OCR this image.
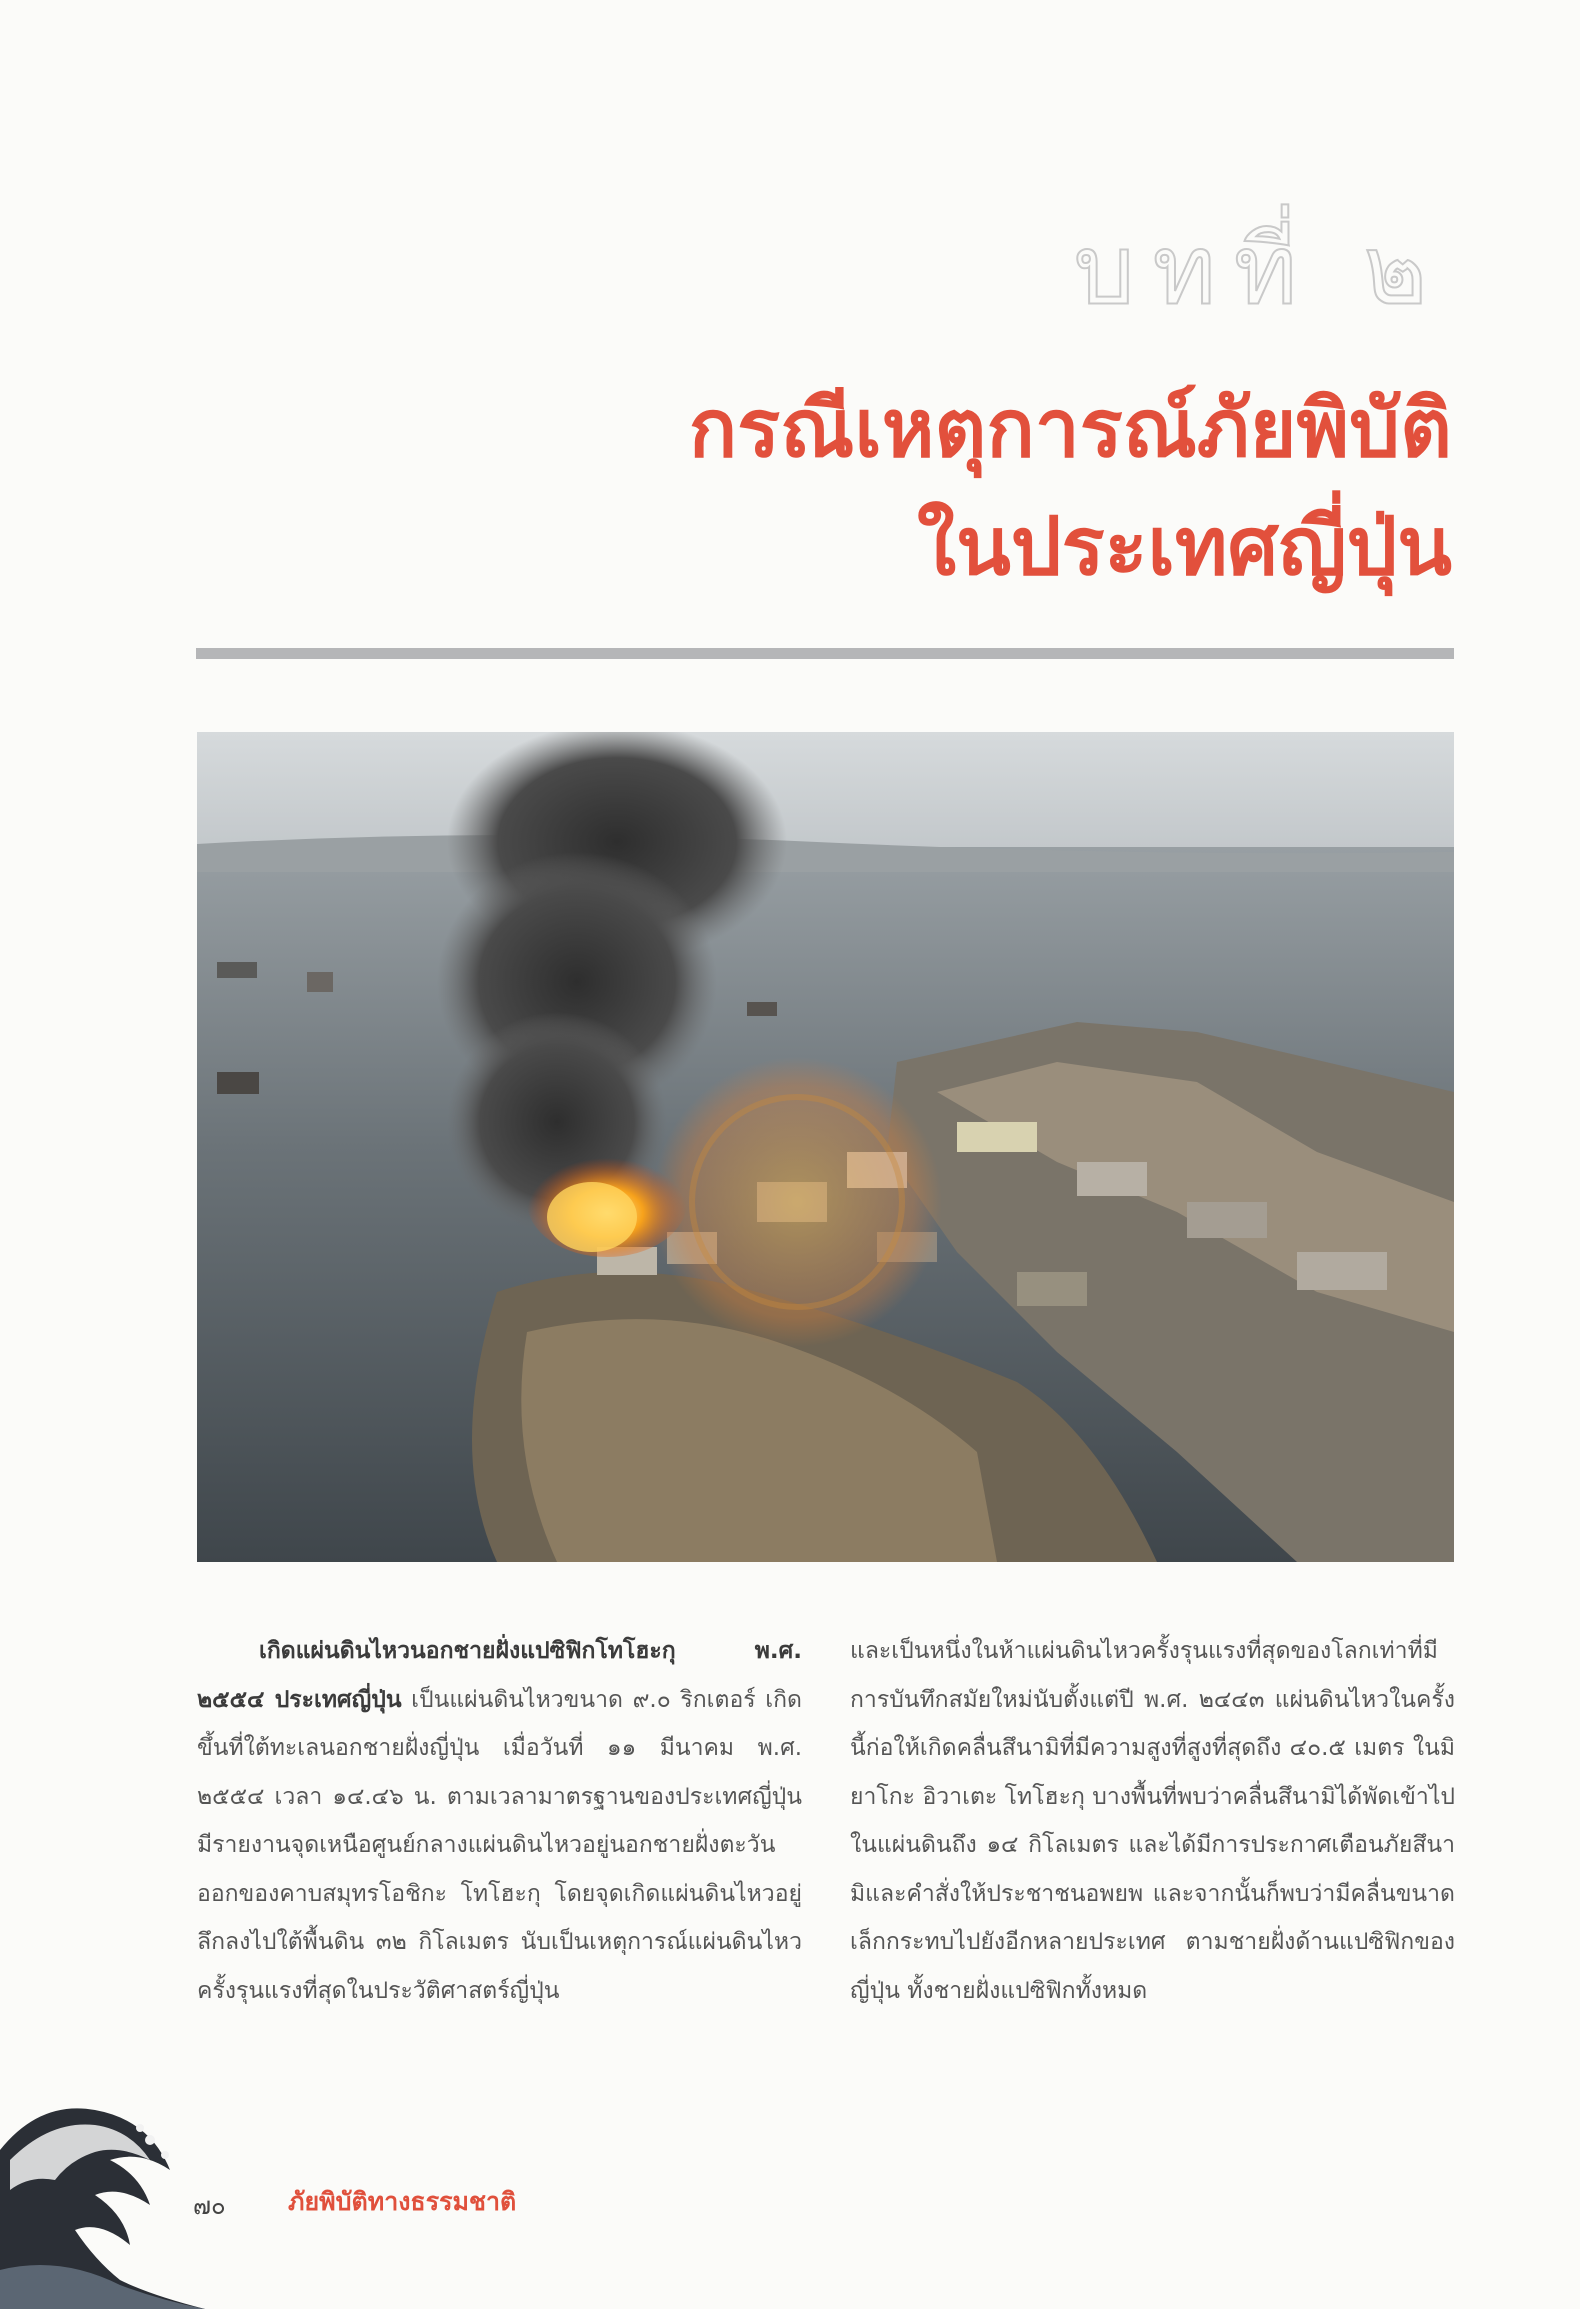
บทที่ ๒
กรณีเหตุการณ์ภัยพิบัติ
ในประเทศญี่ปุ่น

เกิดแผ่นดินไหวนอกชายฝั่งแปซิฟิกโทโฮะกุ พ.ศ. ๒๕๕๔ ประเทศญี่ปุ่น เป็นแผ่นดินไหวขนาด ๙.๐ ริกเตอร์ เกิดขึ้นที่ใต้ทะเลนอกชายฝั่งญี่ปุ่น เมื่อวันที่ ๑๑ มีนาคม พ.ศ. ๒๕๕๔ เวลา ๑๔.๔๖ น. ตามเวลามาตรฐานของประเทศญี่ปุ่น มีรายงานจุดเหนือศูนย์กลางแผ่นดินไหวอยู่นอกชายฝั่งตะวันออกของคาบสมุทรโอชิกะ โทโฮะกุ โดยจุดเกิดแผ่นดินไหวอยู่ลึกลงไปใต้พื้นดิน ๓๒ กิโลเมตร นับเป็นเหตุการณ์แผ่นดินไหวครั้งรุนแรงที่สุดในประวัติศาสตร์ญี่ปุ่น

และเป็นหนึ่งในห้าแผ่นดินไหวครั้งรุนแรงที่สุดของโลกเท่าที่มีการบันทึกสมัยใหม่นับตั้งแต่ปี พ.ศ. ๒๔๔๓ แผ่นดินไหวในครั้งนี้ก่อให้เกิดคลื่นสึนามิที่มีความสูงที่สูงที่สุดถึง ๔๐.๕ เมตร ในมิยาโกะ อิวาเตะ โทโฮะกุ บางพื้นที่พบว่าคลื่นสึนามิได้พัดเข้าไปในแผ่นดินถึง ๑๔ กิโลเมตร และได้มีการประกาศเตือนภัยสึนามิและคำสั่งให้ประชาชนอพยพ และจากนั้นก็พบว่ามีคลื่นขนาดเล็กกระทบไปยังอีกหลายประเทศ ตามชายฝั่งด้านแปซิฟิกของญี่ปุ่น ทั้งชายฝั่งแปซิฟิกทั้งหมด

๗๐ ภัยพิบัติทางธรรมชาติ
